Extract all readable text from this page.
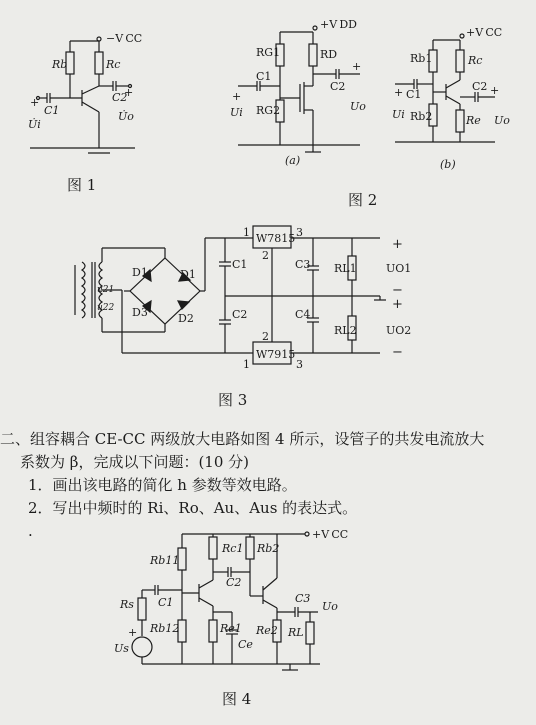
−V CC
Rb	Rc
C1
C2
+
+
U̇i
U̇o
+V DD
RG1	RD
C1
C2
RG2
+
+
Ui	Uo
(a)
+V CC
Rb1	Rc
C1
C2
Rb2	Re
+	+
Ui	Uo
(b)
W7815
W7915
1
2
3
1
2
3
D1	D1
D3	D2
C1
C2
C3
C4
RL1
RL2
UO1
UO2
u21
u22
+
−
+
−
+V CC
Rb11
Rc1 Rb2
C2
C3
Uo
Rs C1
Rb12	Re1
Ce
Re2 RL
Us
+
图 1
图 2
图 3
二、组容耦合 CE-CC 两级放大电路如图 4 所示，设管子的共发电流放大
系数为 β，完成以下问题：(10 分)
1．画出该电路的简化 h 参数等效电路。
2．写出中频时的 Ri、Ro、Au、Aus 的表达式。
.
图 4
